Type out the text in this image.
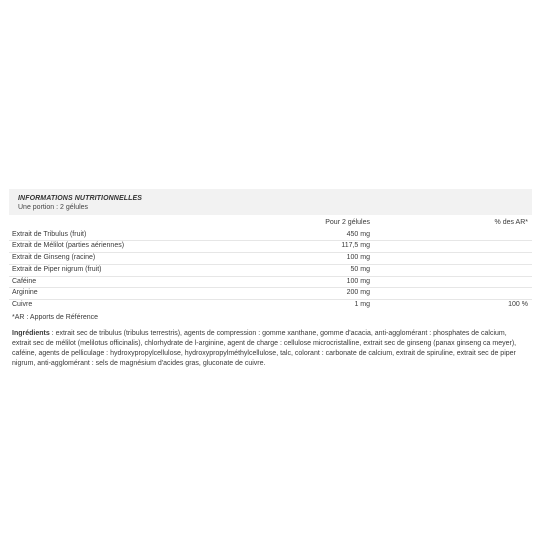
INFORMATIONS NUTRITIONNELLES
Une portion : 2 gélules
	Pour 2 gélules	% des AR*
Extrait de Tribulus (fruit)	450 mg	
Extrait de Mélilot (parties aériennes)	117,5 mg	
Extrait de Ginseng (racine)	100 mg	
Extrait de Piper nigrum (fruit)	50 mg	
Caféine	100 mg	
Arginine	200 mg	
Cuivre	1 mg	100 %
*AR : Apports de Référence
Ingrédients : extrait sec de tribulus (tribulus terrestris), agents de compression : gomme xanthane, gomme d'acacia, anti-agglomérant : phosphates de calcium, extrait sec de mélilot (melilotus officinalis), chlorhydrate de l-arginine, agent de charge : cellulose microcristalline, extrait sec de ginseng (panax ginseng ca meyer), caféine, agents de pelliculage : hydroxypropylcellulose, hydroxypropylméthylcellulose, talc, colorant : carbonate de calcium, extrait de spiruline, extrait sec de piper nigrum, anti-agglomérant : sels de magnésium d'acides gras, gluconate de cuivre.
